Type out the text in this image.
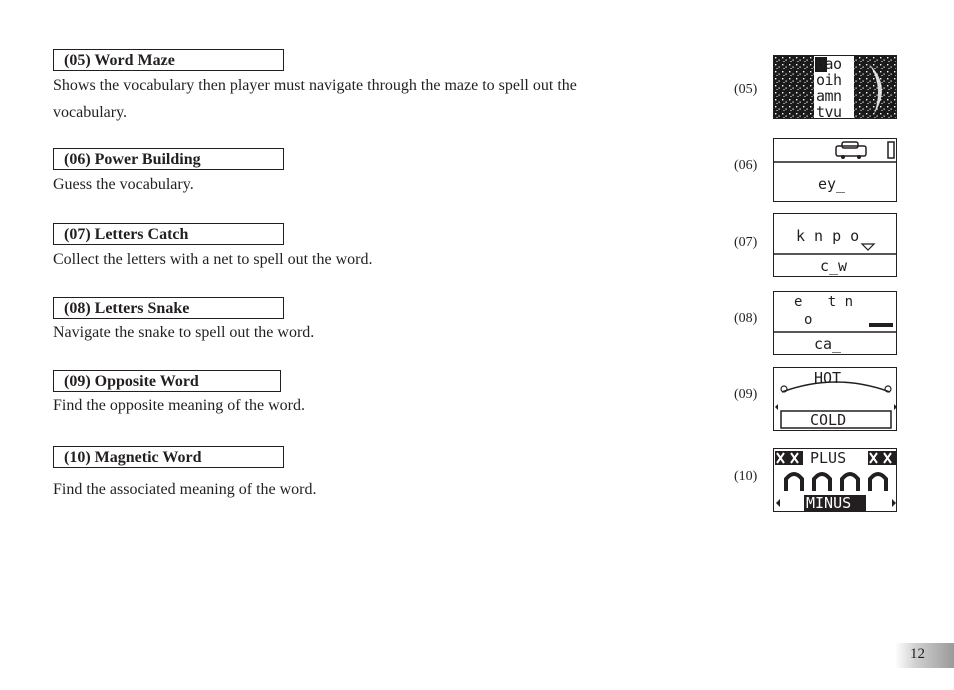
(05) Word Maze
Shows the vocabulary then player must navigate through the maze to spell out the vocabulary.
(06) Power Building
Guess the vocabulary.
(07) Letters Catch
Collect the letters with a net to spell out the word.
(08) Letters Snake
Navigate the snake to spell out the word.
(09) Opposite Word
Find the opposite meaning of the word.
(10) Magnetic Word
Find the associated meaning of the word.
(05)
(06)
(07)
(08)
(09)
(10)
bao
oih
amn
tvu
ey_
k n p o
c_w
e   t n
o
ca_
HOT
COLD
PLUS
MINUS
12
